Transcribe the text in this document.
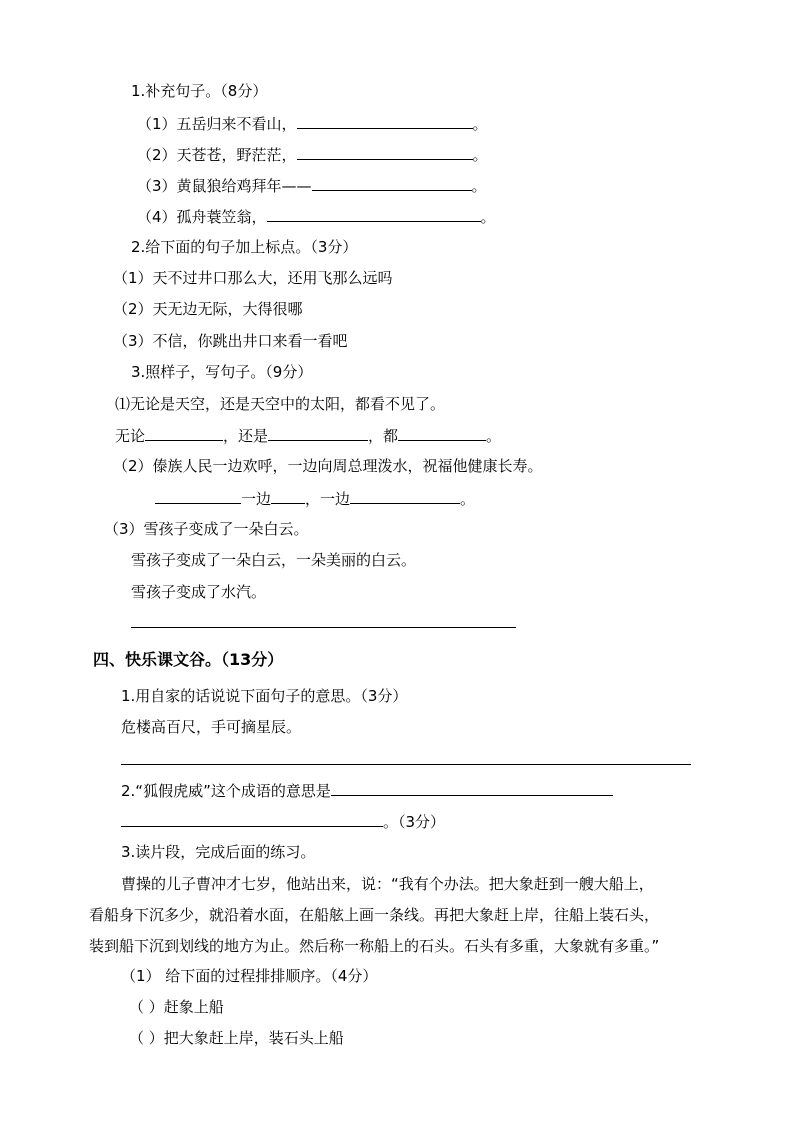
1.补充句子。（8分）
（1）五岳归来不看山，	。
（2）天苍苍，野茫茫，	。
（3）黄鼠狼给鸡拜年——	。
（4）孤舟蓑笠翁，	。
2.给下面的句子加上标点。（3分）
（1）天不过井口那么大，还用飞那么远吗
（2）天无边无际，大得很哪
（3）不信，你跳出井口来看一看吧
3.照样子，写句子。（9分）
⑴无论是天空，还是天空中的太阳，都看不见了。
无论	，还是	，都	。
（2）傣族人民一边欢呼，一边向周总理泼水，祝福他健康长寿。
一边 ，一边	。
（3）雪孩子变成了一朵白云。
雪孩子变成了一朵白云，一朵美丽的白云。
雪孩子变成了水汽。
四、快乐课文谷。（13分）
1.用自家的话说说下面句子的意思。（3分）
危楼高百尺，手可摘星辰。
2.“狐假虎威”这个成语的意思是
。（3分）
3.读片段，完成后面的练习。
曹操的儿子曹冲才七岁，他站出来，说：“我有个办法。把大象赶到一艘大船上，
看船身下沉多少，就沿着水面，在船舷上画一条线。再把大象赶上岸，往船上装石头，
装到船下沉到划线的地方为止。然后称一称船上的石头。石头有多重，大象就有多重。”
（1） 给下面的过程排排顺序。（4分）
（ ）赶象上船
（ ）把大象赶上岸，装石头上船
